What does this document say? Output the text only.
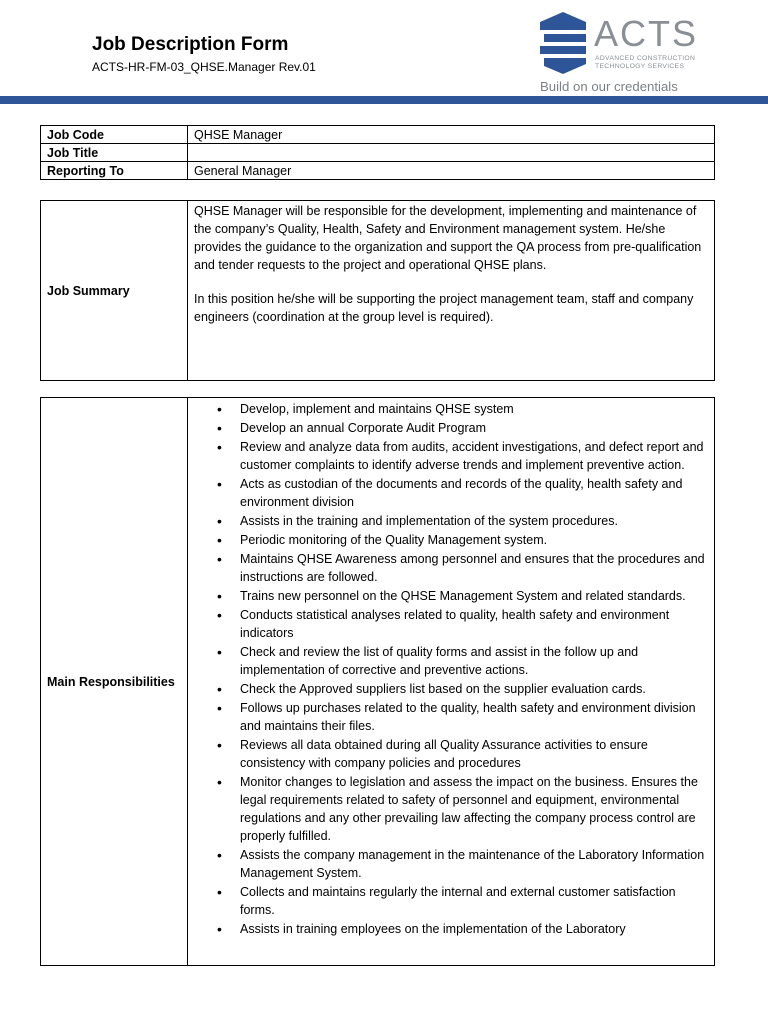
Job Description Form
ACTS-HR-FM-03_QHSE.Manager Rev.01
ACTS
ADVANCED CONSTRUCTION
TECHNOLOGY SERVICES
Build on our credentials
Job Code	QHSE Manager
Job Title	
Reporting To	General Manager
Job Summary	

QHSE Manager will be responsible for the development, implementing and maintenance of the company’s Quality, Health, Safety and Environment management system. He/she provides the guidance to the organization and support the QA process from pre-qualification and tender requests to the project and operational QHSE plans.

In this position he/she will be supporting the project management team, staff and company engineers (coordination at the group level is required).

Main Responsibilities	
• Develop, implement and maintains QHSE system
• Develop an annual Corporate Audit Program
• Review and analyze data from audits, accident investigations, and defect report and customer complaints to identify adverse trends and implement preventive action.
• Acts as custodian of the documents and records of the quality, health safety and environment division
• Assists in the training and implementation of the system procedures.
• Periodic monitoring of the Quality Management system.
• Maintains QHSE Awareness among personnel and ensures that the procedures and instructions are followed.
• Trains new personnel on the QHSE Management System and related standards.
• Conducts statistical analyses related to quality, health safety and environment indicators
• Check and review the list of quality forms and assist in the follow up and implementation of corrective and preventive actions.
• Check the Approved suppliers list based on the supplier evaluation cards.
• Follows up purchases related to the quality, health safety and environment division and maintains their files.
• Reviews all data obtained during all Quality Assurance activities to ensure consistency with company policies and procedures
• Monitor changes to legislation and assess the impact on the business. Ensures the legal requirements related to safety of personnel and equipment, environmental regulations and any other prevailing law affecting the company process control are properly fulfilled.
• Assists the company management in the maintenance of the Laboratory Information Management System.
• Collects and maintains regularly the internal and external customer satisfaction forms.
• Assists in training employees on the implementation of the Laboratory
